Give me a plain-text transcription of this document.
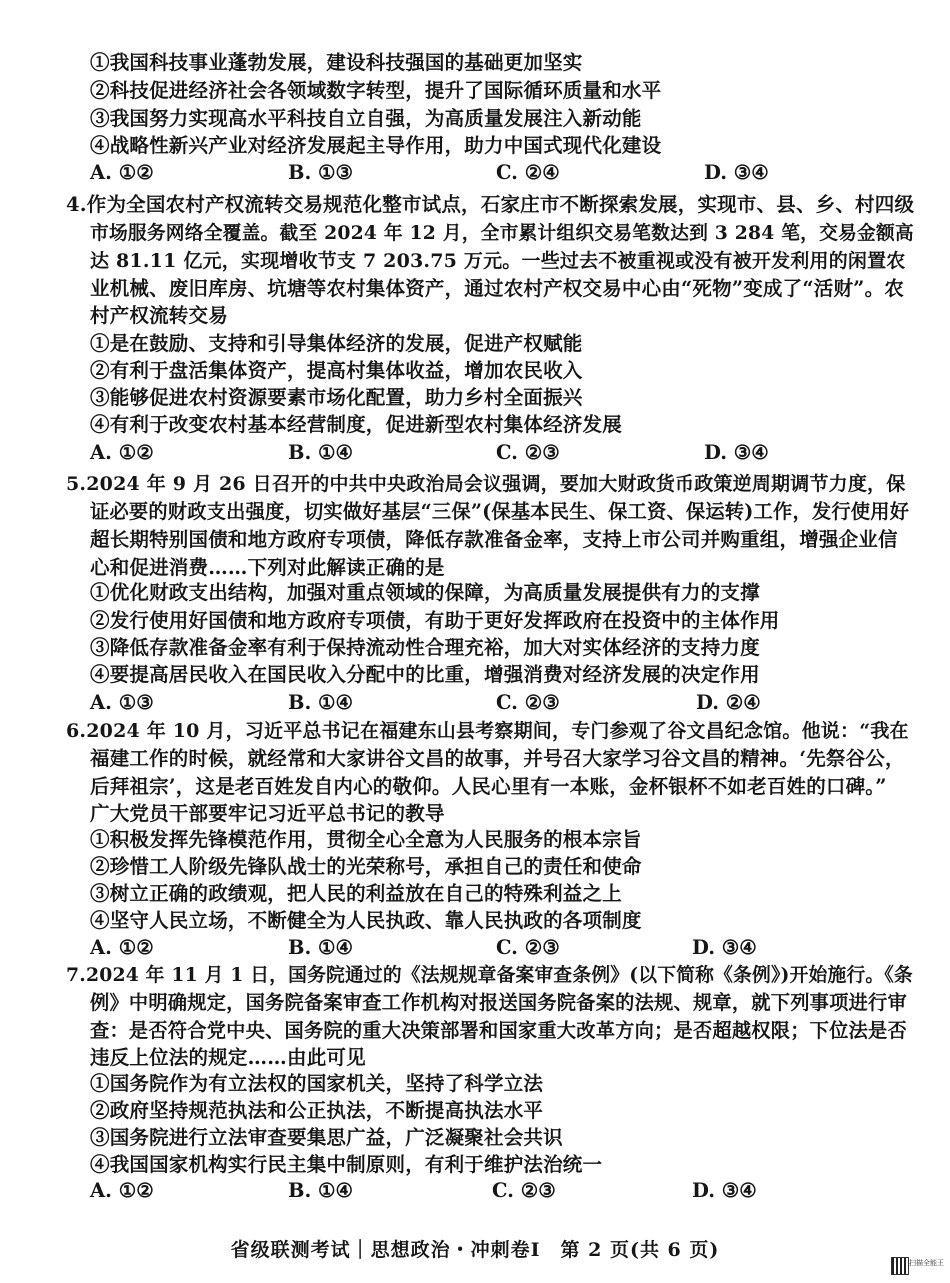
①我国科技事业蓬勃发展，建设科技强国的基础更加坚实
②科技促进经济社会各领域数字转型，提升了国际循环质量和水平
③我国努力实现高水平科技自立自强，为高质量发展注入新动能
④战略性新兴产业对经济发展起主导作用，助力中国式现代化建设
A. ①②	B. ①③	C. ②④	D. ③④
4.作为全国农村产权流转交易规范化整市试点，石家庄市不断探索发展，实现市、县、乡、村四级
市场服务网络全覆盖。截至 2024 年 12 月，全市累计组织交易笔数达到 3 284 笔，交易金额高
达 81.11 亿元，实现增收节支 7 203.75 万元。一些过去不被重视或没有被开发利用的闲置农
业机械、废旧库房、坑塘等农村集体资产，通过农村产权交易中心由“死物”变成了“活财”。农
村产权流转交易
①是在鼓励、支持和引导集体经济的发展，促进产权赋能
②有利于盘活集体资产，提高村集体收益，增加农民收入
③能够促进农村资源要素市场化配置，助力乡村全面振兴
④有利于改变农村基本经营制度，促进新型农村集体经济发展
A. ①②	B. ①④	C. ②③	D. ③④
5.2024 年 9 月 26 日召开的中共中央政治局会议强调，要加大财政货币政策逆周期调节力度，保
证必要的财政支出强度，切实做好基层“三保”(保基本民生、保工资、保运转)工作，发行使用好
超长期特别国债和地方政府专项债，降低存款准备金率，支持上市公司并购重组，增强企业信
心和促进消费……下列对此解读正确的是
①优化财政支出结构，加强对重点领域的保障，为高质量发展提供有力的支撑
②发行使用好国债和地方政府专项债，有助于更好发挥政府在投资中的主体作用
③降低存款准备金率有利于保持流动性合理充裕，加大对实体经济的支持力度
④要提高居民收入在国民收入分配中的比重，增强消费对经济发展的决定作用
A. ①③	B. ①④	C. ②③	D. ②④
6.2024 年 10 月，习近平总书记在福建东山县考察期间，专门参观了谷文昌纪念馆。他说：“我在
福建工作的时候，就经常和大家讲谷文昌的故事，并号召大家学习谷文昌的精神。‘先祭谷公，
后拜祖宗’，这是老百姓发自内心的敬仰。人民心里有一本账，金杯银杯不如老百姓的口碑。”
广大党员干部要牢记习近平总书记的教导
①积极发挥先锋模范作用，贯彻全心全意为人民服务的根本宗旨
②珍惜工人阶级先锋队战士的光荣称号，承担自己的责任和使命
③树立正确的政绩观，把人民的利益放在自己的特殊利益之上
④坚守人民立场，不断健全为人民执政、靠人民执政的各项制度
A. ①②	B. ①④	C. ②③	D. ③④
7.2024 年 11 月 1 日，国务院通过的《法规规章备案审查条例》(以下简称《条例》)开始施行。《条
例》中明确规定，国务院备案审查工作机构对报送国务院备案的法规、规章，就下列事项进行审
查：是否符合党中央、国务院的重大决策部署和国家重大改革方向；是否超越权限；下位法是否
违反上位法的规定……由此可见
①国务院作为有立法权的国家机关，坚持了科学立法
②政府坚持规范执法和公正执法，不断提高执法水平
③国务院进行立法审查要集思广益，广泛凝聚社会共识
④我国国家机构实行民主集中制原则，有利于维护法治统一
A. ①②	B. ①④	C. ②③	D. ③④
省级联测考试｜思想政治・冲刺卷Ⅰ　第 2 页(共 6 页)
扫描全能王
